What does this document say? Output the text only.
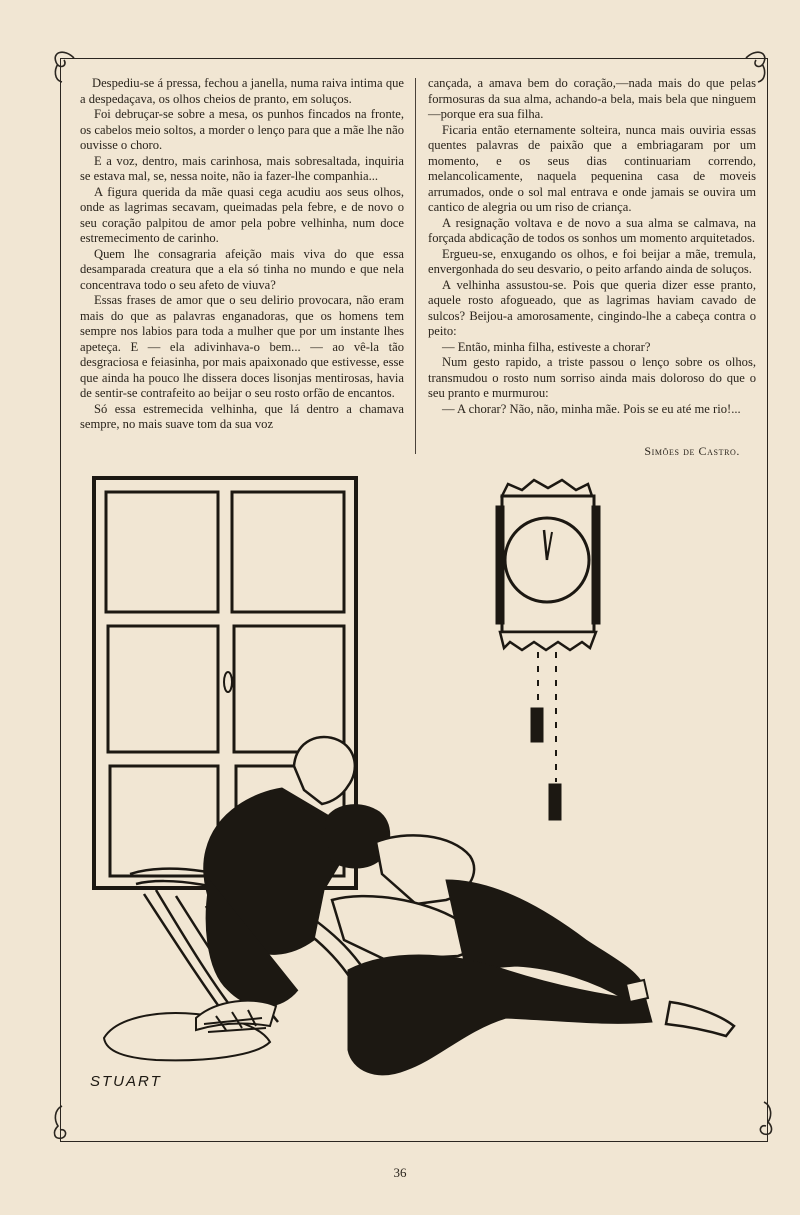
Despediu-se á pressa, fechou a janella, numa raiva intima que a despedaçava, os olhos cheios de pranto, em soluços.

Foi debruçar-se sobre a mesa, os punhos fincados na fronte, os cabelos meio soltos, a morder o lenço para que a mãe lhe não ouvisse o choro.

E a voz, dentro, mais carinhosa, mais sobresaltada, inquiria se estava mal, se, nessa noite, não ia fazer-lhe companhia...

A figura querida da mãe quasi cega acudiu aos seus olhos, onde as lagrimas secavam, queimadas pela febre, e de novo o seu coração palpitou de amor pela pobre velhinha, num doce estremecimento de carinho.

Quem lhe consagraria afeição mais viva do que essa desamparada creatura que a ela só tinha no mundo e que nela concentrava todo o seu afeto de viuva?

Essas frases de amor que o seu delirio provocara, não eram mais do que as palavras enganadoras, que os homens tem sempre nos labios para toda a mulher que por um instante lhes apeteça. E — ela adivinhava-o bem... — ao vê-la tão desgraciosa e feiasinha, por mais apaixonado que estivesse, esse que ainda ha pouco lhe dissera doces lisonjas mentirosas, havia de sentir-se contrafeito ao beijar o seu rosto orfão de encantos.

Só essa estremecida velhinha, que lá dentro a chamava sempre, no mais suave tom da sua voz

cançada, a amava bem do coração,—nada mais do que pelas formosuras da sua alma, achando-a bela, mais bela que ninguem—porque era sua filha.

Ficaria então eternamente solteira, nunca mais ouviria essas quentes palavras de paixão que a embriagaram por um momento, e os seus dias continuariam correndo, melancolicamente, naquela pequenina casa de moveis arrumados, onde o sol mal entrava e onde jamais se ouvira um cantico de alegria ou um riso de criança.

A resignação voltava e de novo a sua alma se calmava, na forçada abdicação de todos os sonhos um momento arquitetados.

Ergueu-se, enxugando os olhos, e foi beijar a mãe, tremula, envergonhada do seu desvario, o peito arfando ainda de soluços.

A velhinha assustou-se. Pois que queria dizer esse pranto, aquele rosto afogueado, que as lagrimas haviam cavado de sulcos? Beijou-a amorosamente, cingindo-lhe a cabeça contra o peito:

— Então, minha filha, estiveste a chorar?

Num gesto rapido, a triste passou o lenço sobre os olhos, transmudou o rosto num sorriso ainda mais doloroso do que o seu pranto e murmurou:

— A chorar? Não, não, minha mãe. Pois se eu até me rio!...

Simões de Castro.
STUART
36
